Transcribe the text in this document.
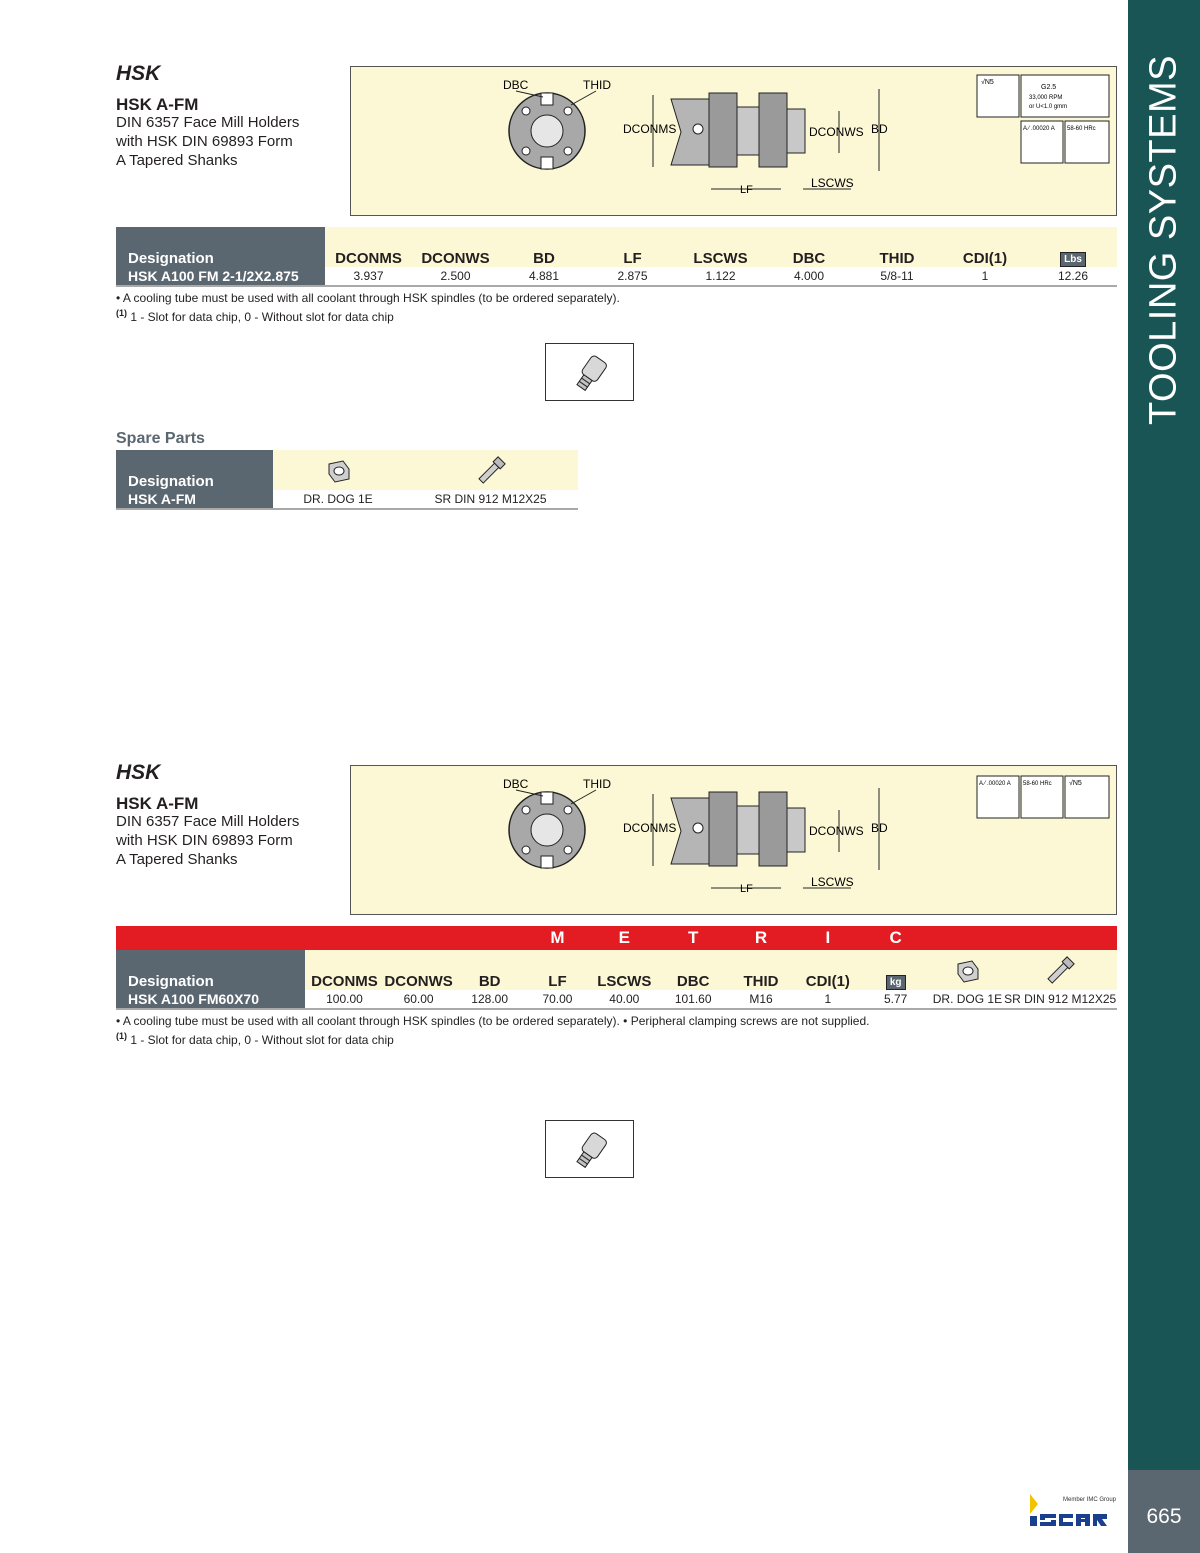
TOOLING SYSTEMS
665
Member IMC Group
HSK
HSK A-FM
DIN 6357 Face Mill Holders
with HSK DIN 69893 Form
A Tapered Shanks
DBC	THID
DCONMS	DCONWS BD
LF	LSCWS
√N5
G2.5
33,000 RPM
or U<1.0 gmm
A ⁄ .00020 A 58-60 HRc
Designation	DCONMS	DCONWS	BD	LF	LSCWS	DBC	THID	CDI(1)	Lbs
HSK A100 FM 2-1/2X2.875	3.937	2.500	4.881	2.875	1.122	4.000	5/8-11	1	12.26
• A cooling tube must be used with all coolant through HSK spindles (to be ordered separately).
$^{(1)}$ 1 - Slot for data chip, 0 - Without slot for data chip
Spare Parts
Designation		
HSK A-FM	DR. DOG 1E	SR DIN 912 M12X25
HSK
HSK A-FM
DIN 6357 Face Mill Holders
with HSK DIN 69893 Form
A Tapered Shanks
DBC	THID
DCONMS	DCONWS BD
LF	LSCWS
A ⁄ .00020 A 58-60 HRc √N5
				M	E	T	R	I	C		
Designation	DCONMS	DCONWS	BD	LF	LSCWS	DBC	THID	CDI(1)	kg		
HSK A100 FM60X70	100.00	60.00	128.00	70.00	40.00	101.60	M16	1	5.77	DR. DOG 1E	SR DIN 912 M12X25
• A cooling tube must be used with all coolant through HSK spindles (to be ordered separately). • Peripheral clamping screws are not supplied.
$^{(1)}$ 1 - Slot for data chip, 0 - Without slot for data chip
